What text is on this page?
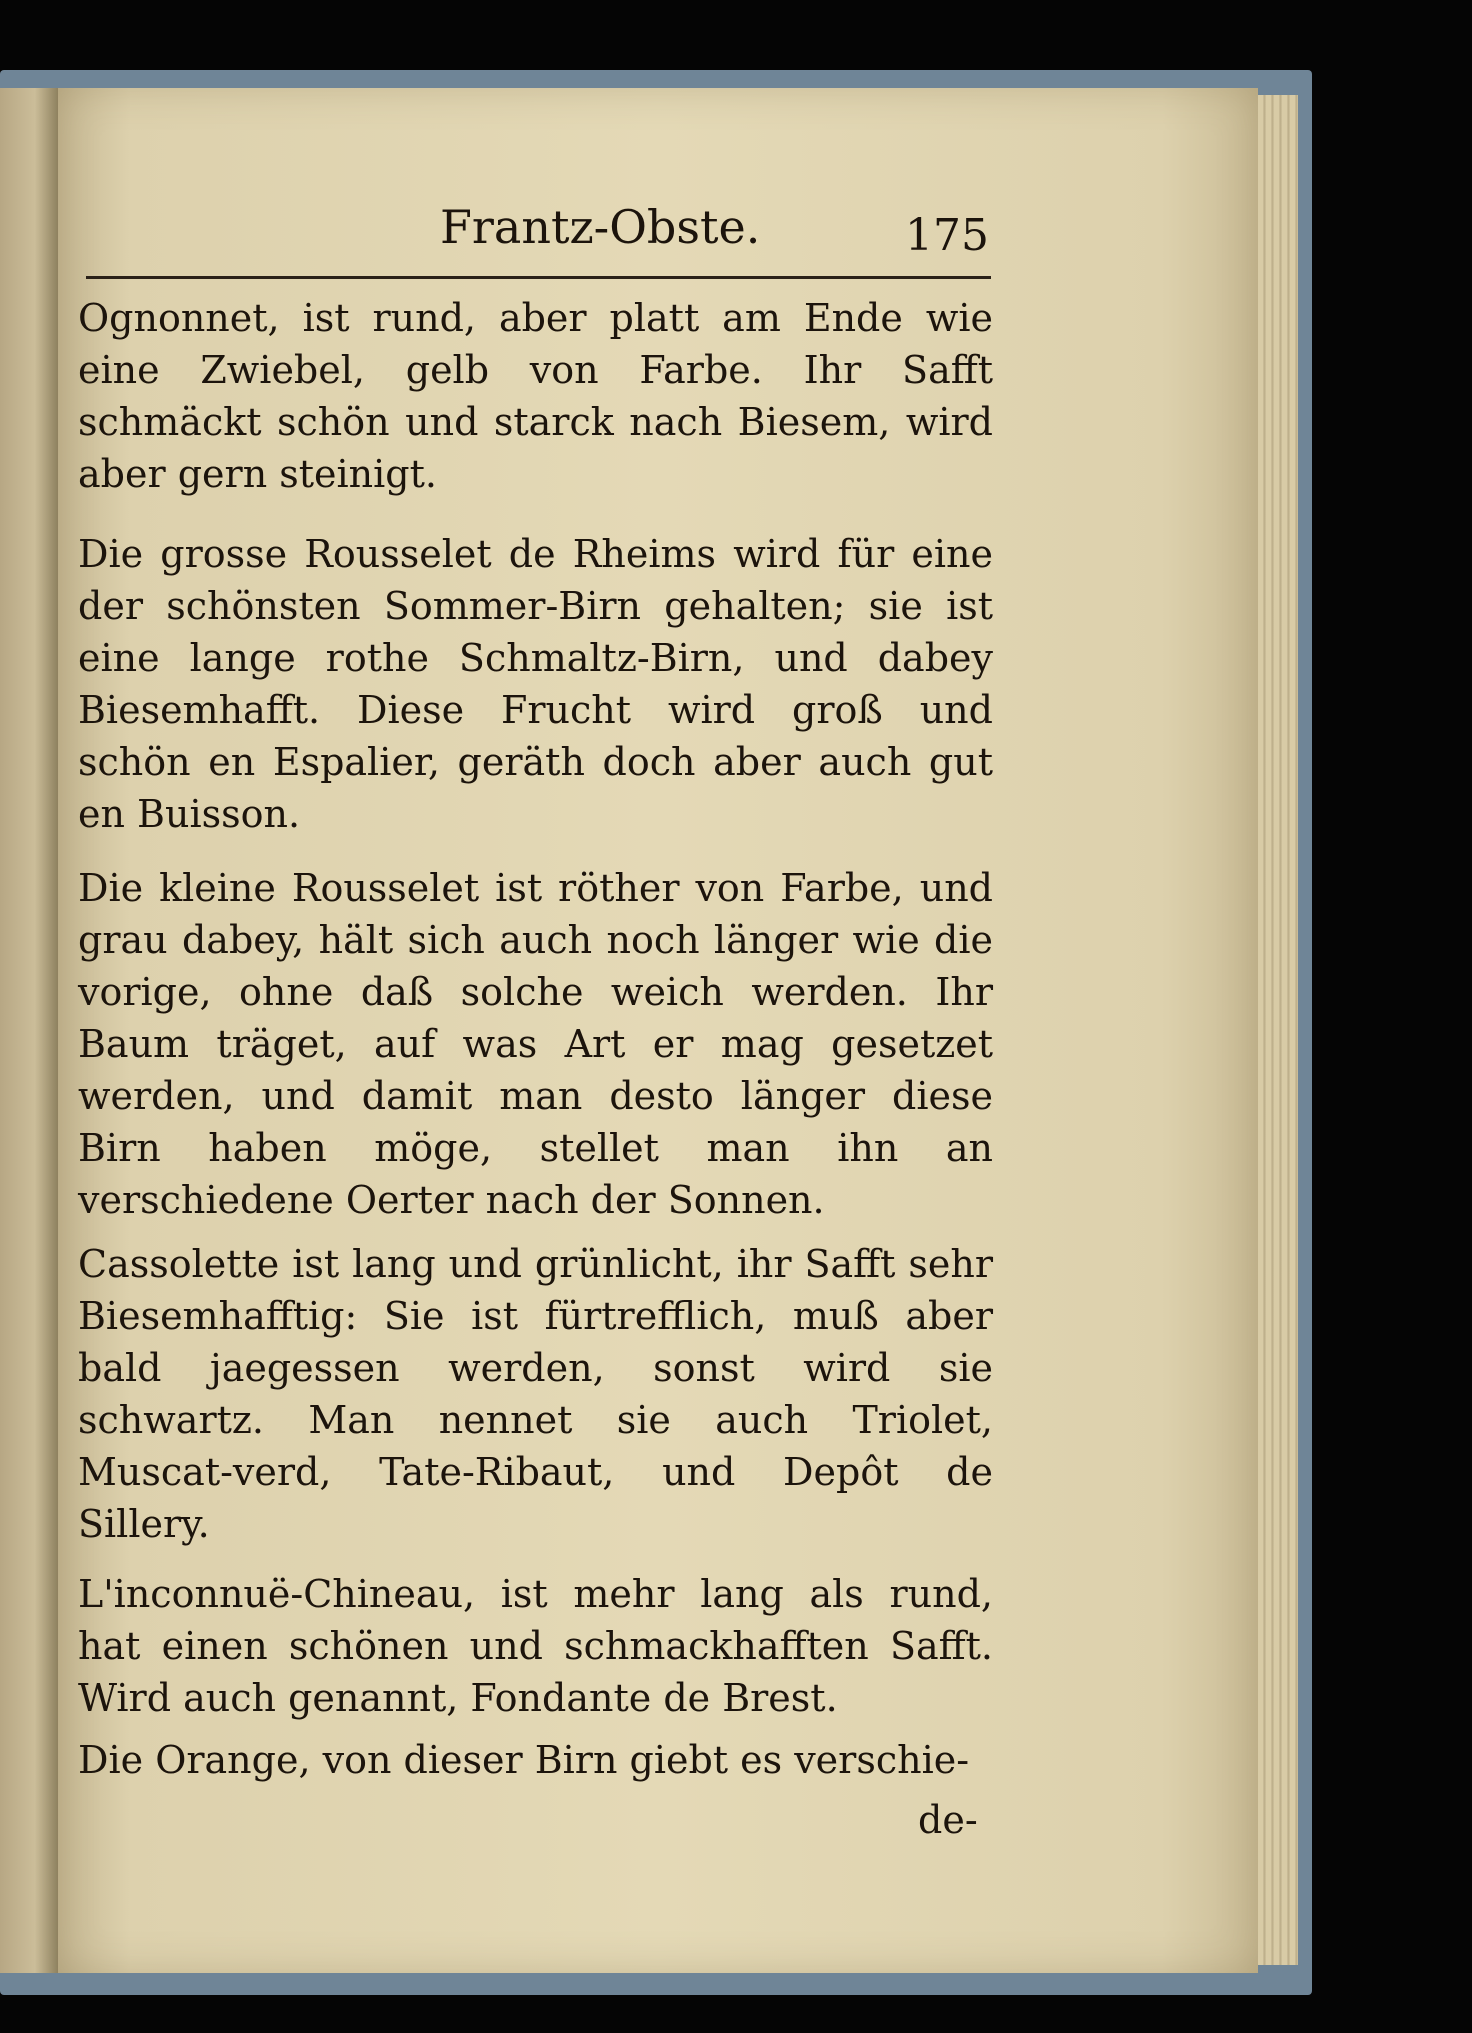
Frantz-Obste.	175
Ognonnet, ist rund, aber platt am Ende wie eine Zwiebel, gelb von Farbe. Ihr Safft schmäckt schön und starck nach Biesem, wird aber gern steinigt.
Die grosse Rousselet de Rheims wird für eine der schönsten Sommer-Birn gehalten; sie ist eine lange rothe Schmaltz-Birn, und dabey Biesemhafft. Diese Frucht wird groß und schön en Espalier, geräth doch aber auch gut en Buisson.
Die kleine Rousselet ist röther von Farbe, und grau dabey, hält sich auch noch länger wie die vorige, ohne daß solche weich werden. Ihr Baum träget, auf was Art er mag gesetzet werden, und damit man desto länger diese Birn haben möge, stellet man ihn an verschiedene Oerter nach der Sonnen.
Cassolette ist lang und grünlicht, ihr Safft sehr Biesemhafftig: Sie ist fürtrefflich, muß aber bald jaegessen werden, sonst wird sie schwartz. Man nennet sie auch Triolet, Muscat-verd, Tate-Ribaut, und Depôt de Sillery.
L'inconnuë-Chineau, ist mehr lang als rund, hat einen schönen und schmackhafften Safft. Wird auch genannt, Fondante de Brest.
Die Orange, von dieser Birn giebt es verschie-
de-
